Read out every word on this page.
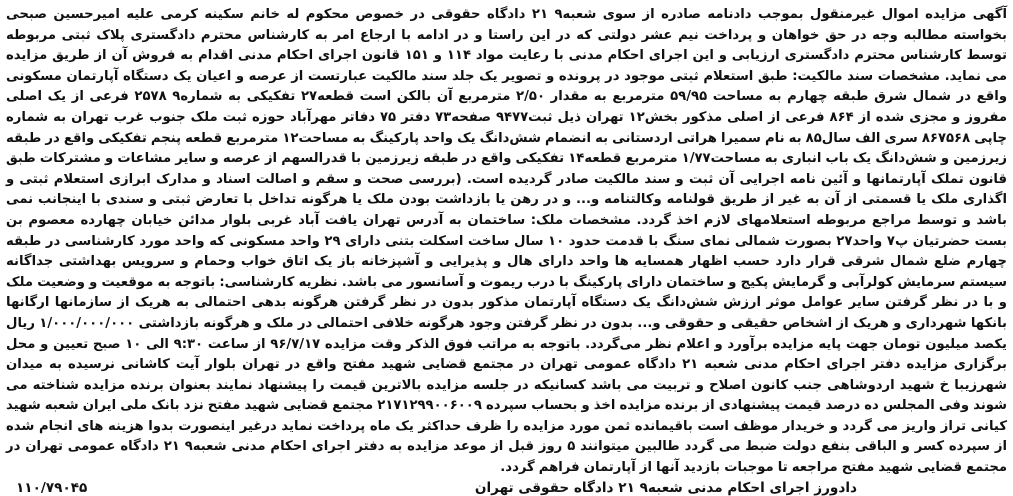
آگهی مزایده اموال غیرمنقول بموجب دادنامه صادره از سوی شعبه۹ ۲۱ دادگاه حقوقی در خصوص محکوم له خانم سکینه کرمی علیه امیرحسین صبحی بخواسته مطالبه وجه در حق خواهان و پرداخت نیم عشر دولتی که در این راستا و در ادامه با ارجاع امر به کارشناس محترم دادگستری پلاک ثبتی مربوطه توسط کارشناس محترم دادگستری ارزیابی و این اجرای احکام مدنی با رعایت مواد ۱۱۴ و ۱۵۱ قانون اجرای احکام مدنی اقدام به فروش آن از طریق مزایده می نماید. مشخصات سند مالکیت: طبق استعلام ثبتی موجود در پرونده و تصویر یک جلد سند مالکیت عبارتست از عرصه و اعیان یک دستگاه آپارتمان مسکونی واقع در شمال شرق طبقه چهارم به مساحت ۵۹/۹۵ مترمربع به مقدار ۲/۵۰ مترمربع آن بالکن است قطعه۲۷ تفکیکی به شماره۹ ۲۵۷۸ فرعی از یک اصلی مفروز و مجزی شده از ۸۶۴ فرعی از اصلی مذکور بخش۱۲ تهران ذیل ثبت۹۴۷۷ صفحه۷۳ دفتر ۷۵ دفاتر مهرآباد حوزه ثبت ملک جنوب غرب تهران به شماره چاپی ۸۶۷۵۶۸ سری الف سال۸۵ به نام سمیرا هراتی اردستانی به انضمام شش‌دانگ یک واحد پارکینگ به مساحت۱۲ مترمربع قطعه پنجم تفکیکی واقع در طبقه زیرزمین و شش‌دانگ یک باب انباری به مساحت۱/۷۷ مترمربع قطعه۱۴ تفکیکی واقع در طبقه زیرزمین با قدرالسهم از عرصه و سایر مشاعات و مشترکات طبق قانون تملک آپارتمانها و آئین نامه اجرایی آن ثبت و سند مالکیت صادر گردیده است. (بررسی صحت و سقم و اصالت اسناد و مدارک ابرازی استعلام ثبتی و اگذاری ملک یا قسمتی از آن به غیر از طریق قولنامه وکالتنامه و... و در رهن یا بازداشت بودن ملک یا هرگونه تداخل با تعارض ثبتی و سندی با اینجانب نمی باشد و توسط مراجع مربوطه استعلامهای لازم اخذ گردد. مشخصات ملک: ساختمان به آدرس تهران یافت آباد غربی بلوار مدائن خیابان چهارده معصوم بن بست حضرتیان پ۷ واحد۲۷ بصورت شمالی نمای سنگ با قدمت حدود ۱۰ سال ساخت اسکلت بتنی دارای ۲۹ واحد مسکونی که واحد مورد کارشناسی در طبقه چهارم ضلع شمال شرقی قرار دارد حسب اظهار همسایه ها واحد دارای هال و پذیرایی و آشپزخانه باز یک اتاق خواب وحمام و سرویس بهداشتی جداگانه سیستم سرمایش کولرآبی و گرمایش پکیج و ساختمان دارای پارکینگ با درب ریموت و آسانسور می باشد. نظریه کارشناسی: باتوجه به موقعیت و وضعیت ملک و با در نظر گرفتن سایر عوامل موثر ارزش شش‌دانگ یک دستگاه آپارتمان مذکور بدون در نظر گرفتن هرگونه بدهی احتمالی به هریک از سازمانها ارگانها بانکها شهرداری و هریک از اشخاص حقیقی و حقوقی و... بدون در نظر گرفتن وجود هرگونه خلافی احتمالی در ملک و هرگونه بازداشتی ۱/۰۰۰/۰۰۰/۰۰۰ ریال یکصد میلیون تومان جهت پایه مزایده برآورد و اعلام نظر می‌گردد. باتوجه به مراتب فوق الذکر وقت مزایده ۹۶/۷/۱۷ از ساعت ۹:۳۰ الی ۱۰ صبح تعیین و محل برگزاری مزایده دفتر اجرای احکام مدنی شعبه ۲۱ دادگاه عمومی تهران در مجتمع قضایی شهید مفتح واقع در تهران بلوار آیت کاشانی نرسیده به میدان شهرزیبا خ شهید اردوشاهی جنب کانون اصلاح و تربیت می باشد کسانیکه در جلسه مزایده بالاترین قیمت را پیشنهاد نمایند بعنوان برنده مزایده شناخته می شوند وفی المجلس ده درصد قیمت پیشنهادی از برنده مزایده اخذ و بحساب سپرده ۲۱۷۱۲۹۹۰۰۶۰۰۹ مجتمع قضایی شهید مفتح نزد بانک ملی ایران شعبه شهید کیانی تراز واریز می گردد و خریدار موظف است باقیمانده ثمن مورد مزایده را ظرف حداکثر یک ماه پرداخت نماید درغیر اینصورت بدوا هزینه های انجام شده از سپرده کسر و الباقی بنفع دولت ضبط می گردد طالبین میتوانند ۵ روز قبل از موعد مزایده به دفتر اجرای احکام مدنی شعبه۹ ۲۱ دادگاه عمومی تهران در مجتمع قضایی شهید مفتح مراجعه تا موجبات بازدید آنها از آپارتمان فراهم گردد.

دادورز اجرای احکام مدنی شعبه۹ ۲۱ دادگاه حقوقی تهران
۱۱۰/۷۹۰۴۵
